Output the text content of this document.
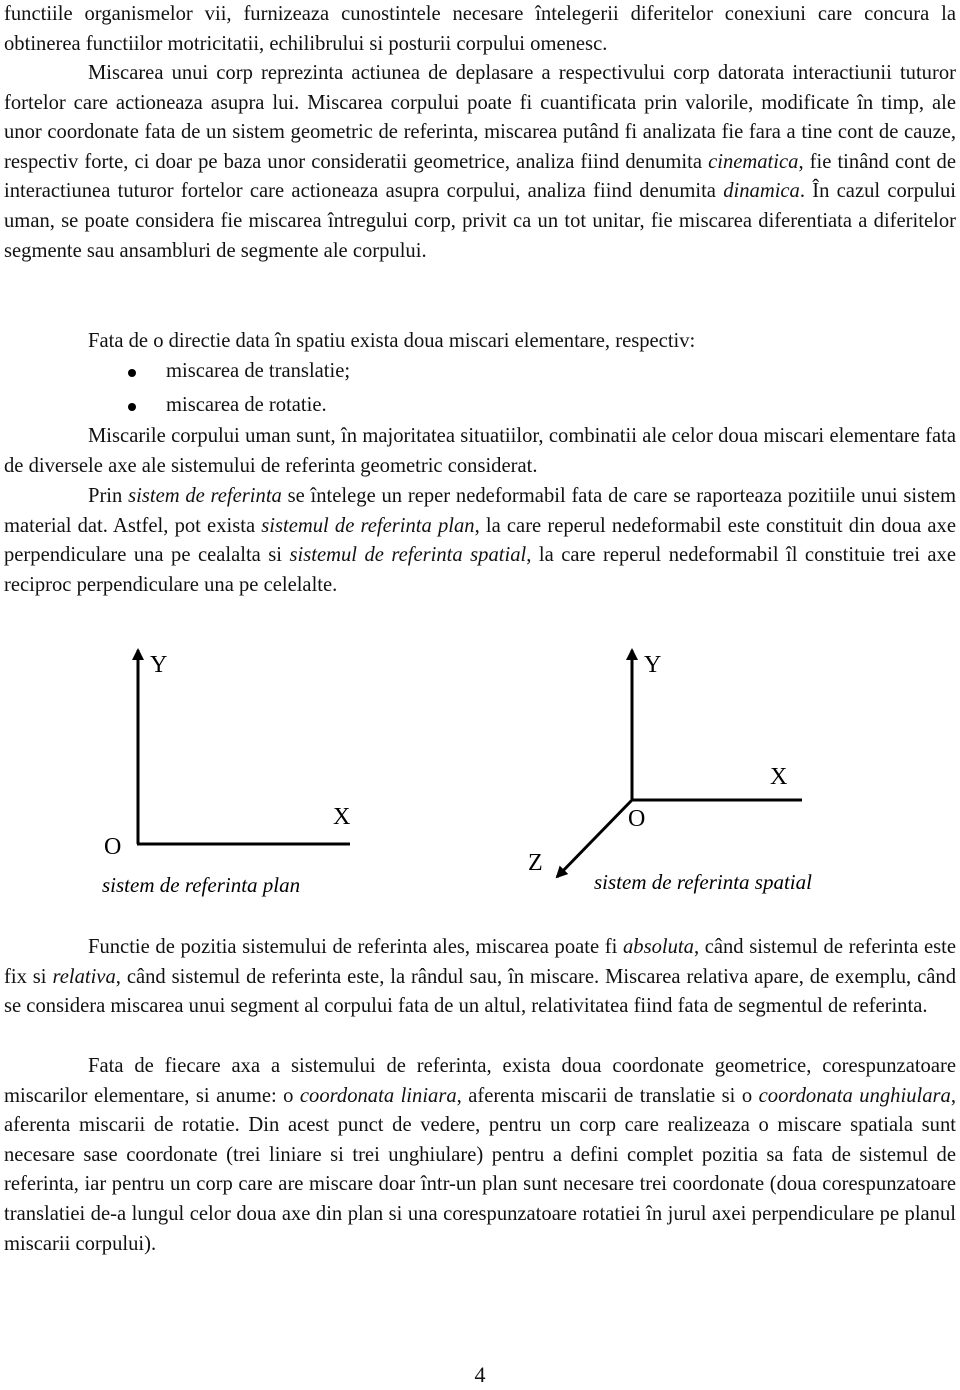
functiile organismelor vii, furnizeaza cunostintele necesare întelegerii diferitelor conexiuni care concura la obtinerea functiilor motricitatii, echilibrului si posturii corpului omenesc.

Miscarea unui corp reprezinta actiunea de deplasare a respectivului corp datorata interactiunii tuturor fortelor care actioneaza asupra lui. Miscarea corpului poate fi cuantificata prin valorile, modificate în timp, ale unor coordonate fata de un sistem geometric de referinta, miscarea putând fi analizata fie fara a tine cont de cauze, respectiv forte, ci doar pe baza unor consideratii geometrice, analiza fiind denumita cinematica, fie tinând cont de interactiunea tuturor fortelor care actioneaza asupra corpului, analiza fiind denumita dinamica. În cazul corpului uman, se poate considera fie miscarea întregului corp, privit ca un tot unitar, fie miscarea diferentiata a diferitelor segmente sau ansambluri de segmente ale corpului.

Fata de o directie data în spatiu exista doua miscari elementare, respectiv:

miscarea de translatie;
miscarea de rotatie.

Miscarile corpului uman sunt, în majoritatea situatiilor, combinatii ale celor doua miscari elementare fata de diversele axe ale sistemului de referinta geometric considerat.

Prin sistem de referinta se întelege un reper nedeformabil fata de care se raporteaza pozitiile unui sistem material dat. Astfel, pot exista sistemul de referinta plan, la care reperul nedeformabil este constituit din doua axe perpendiculare una pe cealalta si sistemul de referinta spatial, la care reperul nedeformabil îl constituie trei axe reciproc perpendiculare una pe celelalte.

Y
X
O
sistem de referinta plan
Y
X
O
Z
sistem de referinta spatial

Functie de pozitia sistemului de referinta ales, miscarea poate fi absoluta, când sistemul de referinta este fix si relativa, când sistemul de referinta este, la rândul sau, în miscare. Miscarea relativa apare, de exemplu, când se considera miscarea unui segment al corpului fata de un altul, relativitatea fiind fata de segmentul de referinta.

Fata de fiecare axa a sistemului de referinta, exista doua coordonate geometrice, corespunzatoare miscarilor elementare, si anume: o coordonata liniara, aferenta miscarii de translatie si o coordonata unghiulara, aferenta miscarii de rotatie. Din acest punct de vedere, pentru un corp care realizeaza o miscare spatiala sunt necesare sase coordonate (trei liniare si trei unghiulare) pentru a defini complet pozitia sa fata de sistemul de referinta, iar pentru un corp care are miscare doar într-un plan sunt necesare trei coordonate (doua corespunzatoare translatiei de-a lungul celor doua axe din plan si una corespunzatoare rotatiei în jurul axei perpendiculare pe planul miscarii corpului).

4
